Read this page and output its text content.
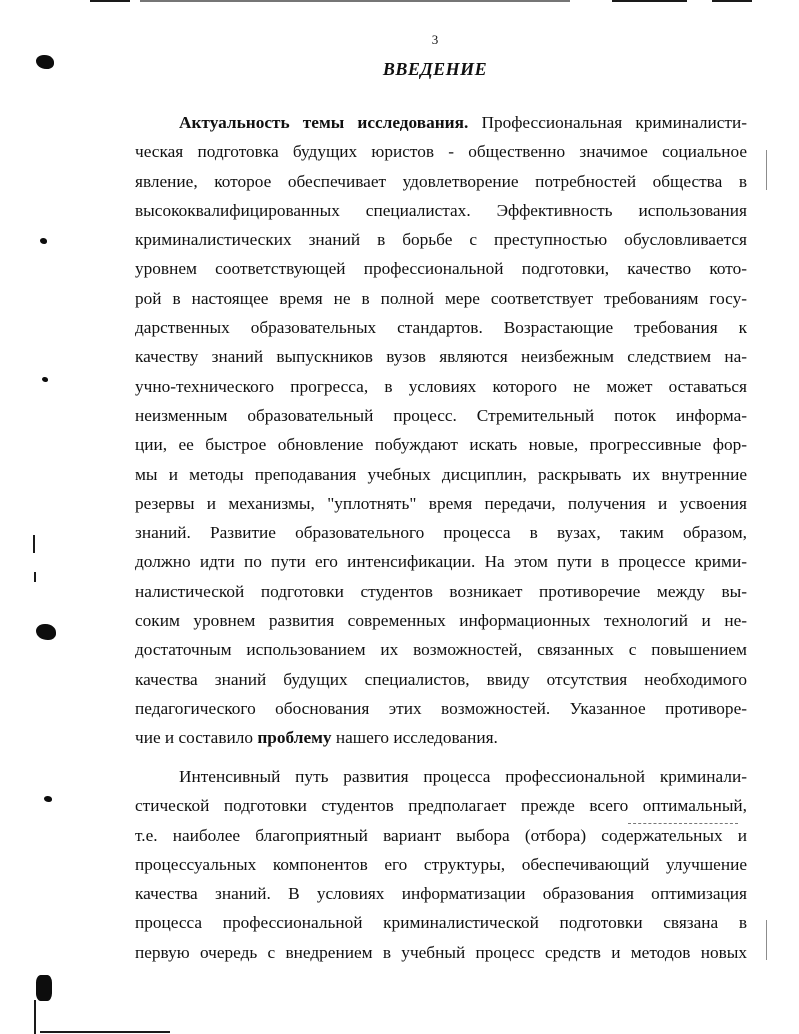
3
ВВЕДЕНИЕ
Актуальность темы исследования. Профессиональная криминалисти-
ческая подготовка будущих юристов - общественно значимое социальное
явление, которое обеспечивает удовлетворение потребностей общества в
высококвалифицированных специалистах. Эффективность использования
криминалистических знаний в борьбе с преступностью обусловливается
уровнем соответствующей профессиональной подготовки, качество кото-
рой в настоящее время не в полной мере соответствует требованиям госу-
дарственных образовательных стандартов. Возрастающие требования к
качеству знаний выпускников вузов являются неизбежным следствием на-
учно-технического прогресса, в условиях которого не может оставаться
неизменным образовательный процесс. Стремительный поток информа-
ции, ее быстрое обновление побуждают искать новые, прогрессивные фор-
мы и методы преподавания учебных дисциплин, раскрывать их внутренние
резервы и механизмы, "уплотнять" время передачи, получения и усвоения
знаний. Развитие образовательного процесса в вузах, таким образом,
должно идти по пути его интенсификации. На этом пути в процессе крими-
налистической подготовки студентов возникает противоречие между вы-
соким уровнем развития современных информационных технологий и не-
достаточным использованием их возможностей, связанных с повышением
качества знаний будущих специалистов, ввиду отсутствия необходимого
педагогического обоснования этих возможностей. Указанное противоре-
чие и составило проблему нашего исследования.
Интенсивный путь развития процесса профессиональной криминали-
стической подготовки студентов предполагает прежде всего оптимальный,
т.е. наиболее благоприятный вариант выбора (отбора) содержательных и
процессуальных компонентов его структуры, обеспечивающий улучшение
качества знаний. В условиях информатизации образования оптимизация
процесса профессиональной криминалистической подготовки связана в
первую очередь с внедрением в учебный процесс средств и методов новых
